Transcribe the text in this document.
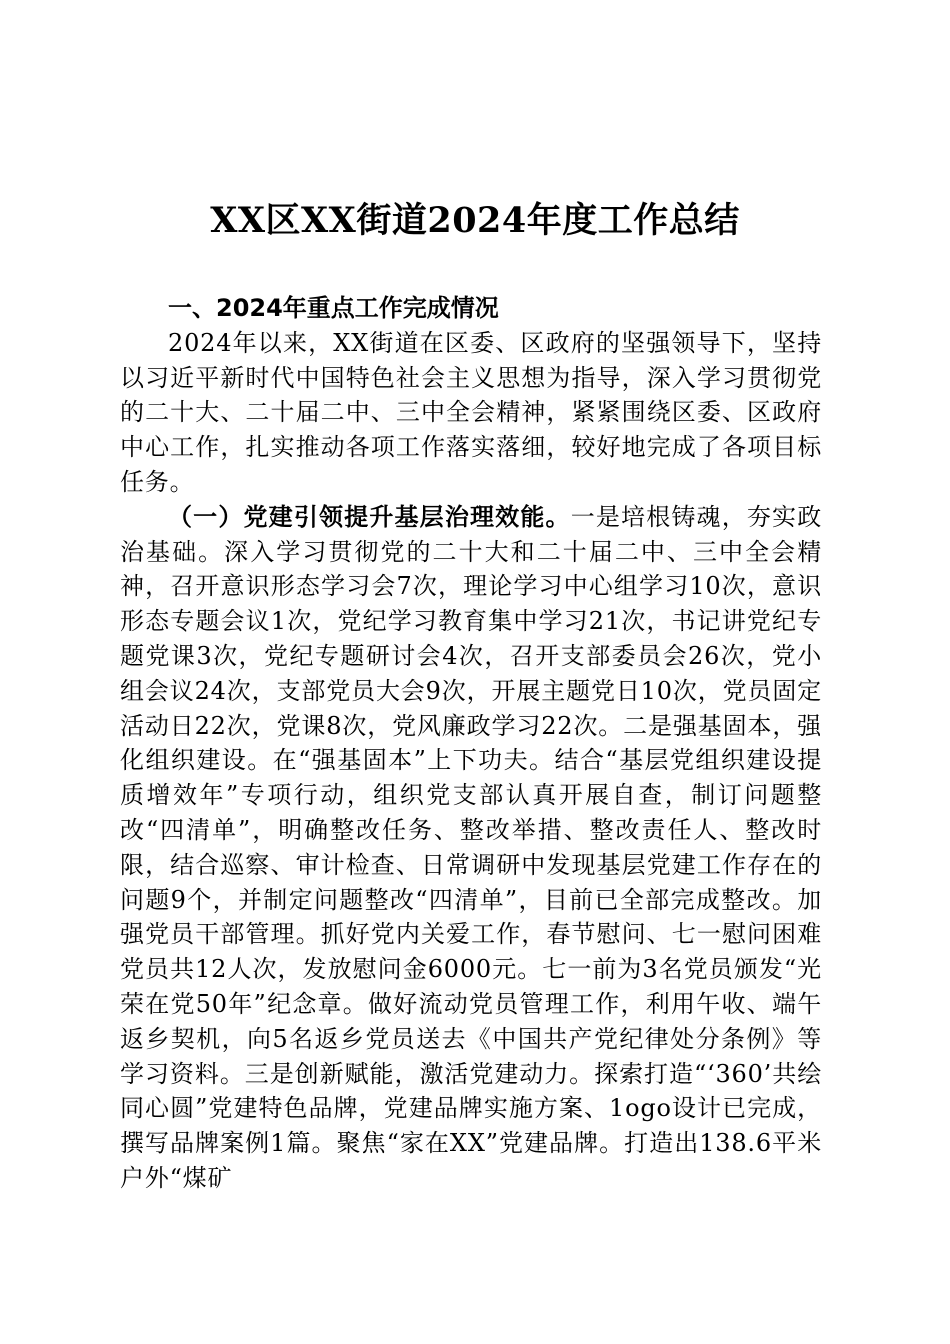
XX区XX街道2024年度工作总结

一、2024年重点工作完成情况

2024年以来，XX街道在区委、区政府的坚强领导下，坚持以习近平新时代中国特色社会主义思想为指导，深入学习贯彻党的二十大、二十届二中、三中全会精神，紧紧围绕区委、区政府中心工作，扎实推动各项工作落实落细，较好地完成了各项目标任务。

（一）党建引领提升基层治理效能。一是培根铸魂，夯实政治基础。深入学习贯彻党的二十大和二十届二中、三中全会精神，召开意识形态学习会7次，理论学习中心组学习10次，意识形态专题会议1次，党纪学习教育集中学习21次，书记讲党纪专题党课3次，党纪专题研讨会4次，召开支部委员会26次，党小组会议24次，支部党员大会9次，开展主题党日10次，党员固定活动日22次，党课8次，党风廉政学习22次。二是强基固本，强化组织建设。在“强基固本”上下功夫。结合“基层党组织建设提质增效年”专项行动，组织党支部认真开展自查，制订问题整改“四清单”，明确整改任务、整改举措、整改责任人、整改时限，结合巡察、审计检查、日常调研中发现基层党建工作存在的问题9个，并制定问题整改“四清单”，目前已全部完成整改。加强党员干部管理。抓好党内关爱工作，春节慰问、七一慰问困难党员共12人次，发放慰问金6000元。七一前为3名党员颁发“光荣在党50年”纪念章。做好流动党员管理工作，利用午收、端午返乡契机，向5名返乡党员送去《中国共产党纪律处分条例》等学习资料。三是创新赋能，激活党建动力。探索打造“‘360’共绘同心圆”党建特色品牌，党建品牌实施方案、1ogo设计已完成，撰写品牌案例1篇。聚焦“家在XX”党建品牌。打造出138.6平米户外“煤矿
